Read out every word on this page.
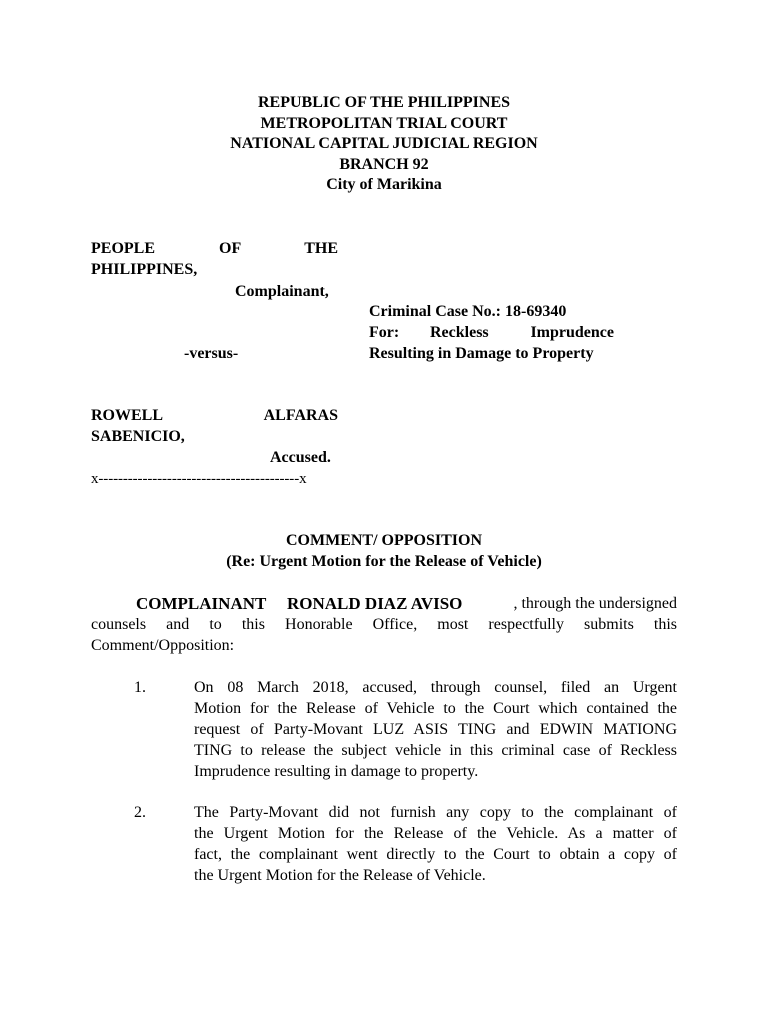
REPUBLIC OF THE PHILIPPINES
METROPOLITAN TRIAL COURT
NATIONAL CAPITAL JUDICIAL REGION
BRANCH 92
City of Marikina
PEOPLE	OF	THE
PHILIPPINES,
Complainant,
-versus-
ROWELL	ALFARAS
SABENICIO,
Accused.
x-----------------------------------------x
Criminal Case No.: 18-69340
For: Reckless	Imprudence
Resulting in Damage to Property
COMMENT/ OPPOSITION
(Re: Urgent Motion for the Release of Vehicle)
COMPLAINANT RONALD DIAZ AVISO	, through the undersigned
counsels and to this Honorable Office, most respectfully submits this
Comment/Opposition:
1.	On 08 March 2018, accused, through counsel, filed an Urgent
Motion for the Release of Vehicle to the Court which contained the
request of Party-Movant LUZ ASIS TING and EDWIN MATIONG
TING to release the subject vehicle in this criminal case of Reckless
Imprudence resulting in damage to property.
2.	The Party-Movant did not furnish any copy to the complainant of
the Urgent Motion for the Release of the Vehicle. As a matter of
fact, the complainant went directly to the Court to obtain a copy of
the Urgent Motion for the Release of Vehicle.
